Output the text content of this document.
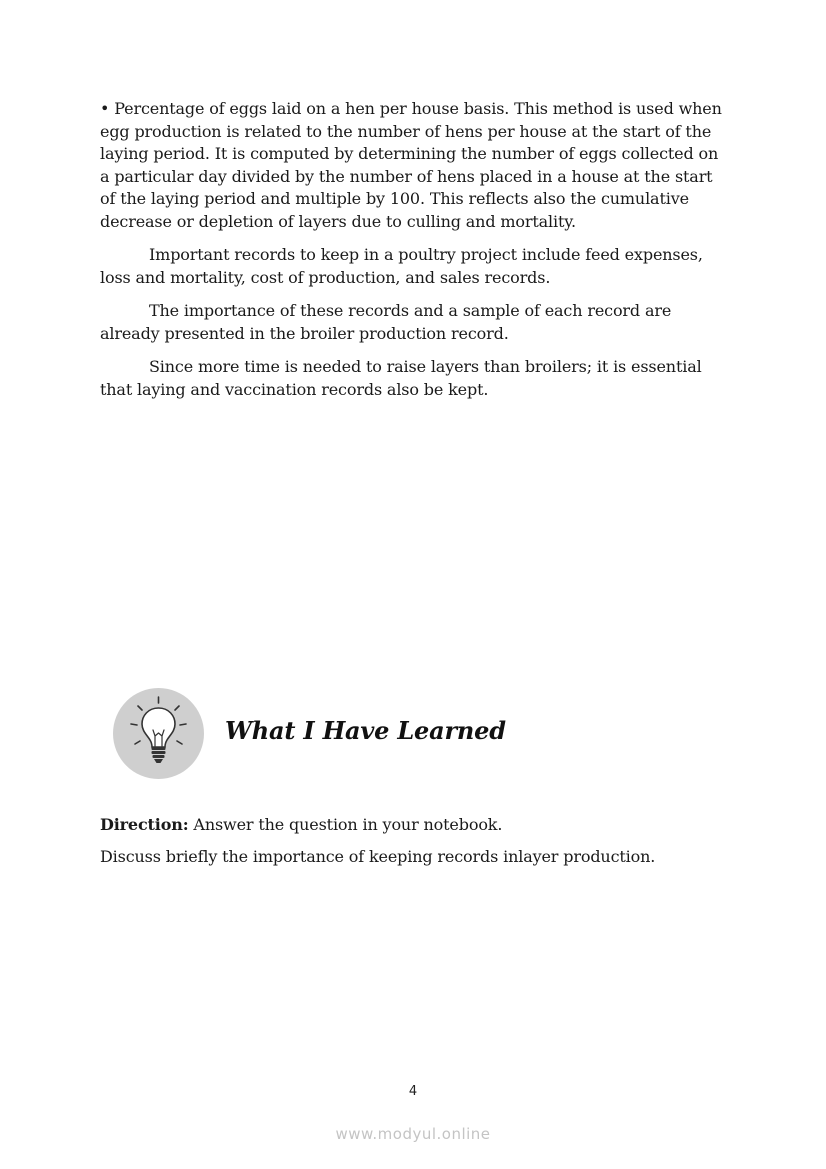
• Percentage of eggs laid on a hen per house basis. This method is used when egg production is related to the number of hens per house at the start of the laying period. It is computed by determining the number of eggs collected on a particular day divided by the number of hens placed in a house at the start of the laying period and multiple by 100. This reflects also the cumulative decrease or depletion of layers due to culling and mortality.

Important records to keep in a poultry project include feed expenses, loss and mortality, cost of production, and sales records.

The importance of these records and a sample of each record are already presented in the broiler production record.

Since more time is needed to raise layers than broilers; it is essential that laying and vaccination records also be kept.

What I Have Learned

Direction: Answer the question in your notebook.

Discuss briefly the importance of keeping records inlayer production.

4
www.modyul.online
